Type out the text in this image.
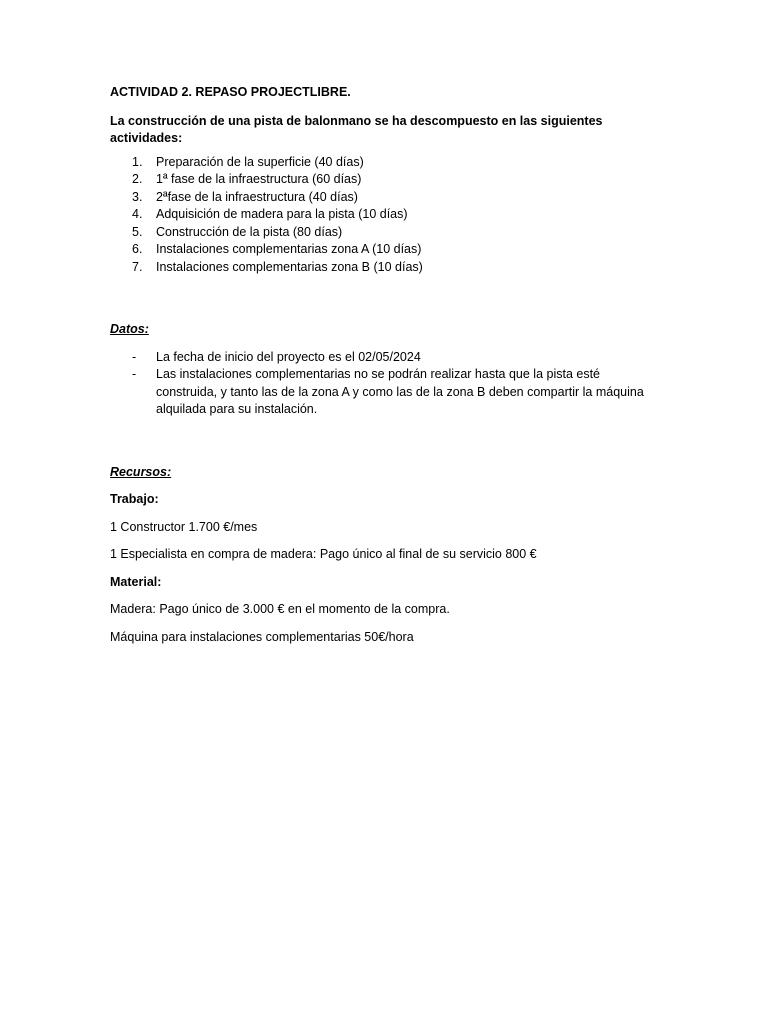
ACTIVIDAD 2. REPASO PROJECTLIBRE.

La construcción de una pista de balonmano se ha descompuesto en las siguientes actividades:

1. Preparación de la superficie (40 días)
2. 1ª fase de la infraestructura (60 días)
3. 2ªfase de la infraestructura (40 días)
4. Adquisición de madera para la pista (10 días)
5. Construcción de la pista (80 días)
6. Instalaciones complementarias zona A (10 días)
7. Instalaciones complementarias zona B (10 días)

Datos:

- La fecha de inicio del proyecto es el 02/05/2024
- Las instalaciones complementarias no se podrán realizar hasta que la pista esté construida, y tanto las de la zona A y como las de la zona B deben compartir la máquina alquilada para su instalación.

Recursos:

Trabajo:

1 Constructor 1.700 €/mes

1 Especialista en compra de madera: Pago único al final de su servicio 800 €

Material:

Madera: Pago único de 3.000 € en el momento de la compra.

Máquina para instalaciones complementarias 50€/hora
